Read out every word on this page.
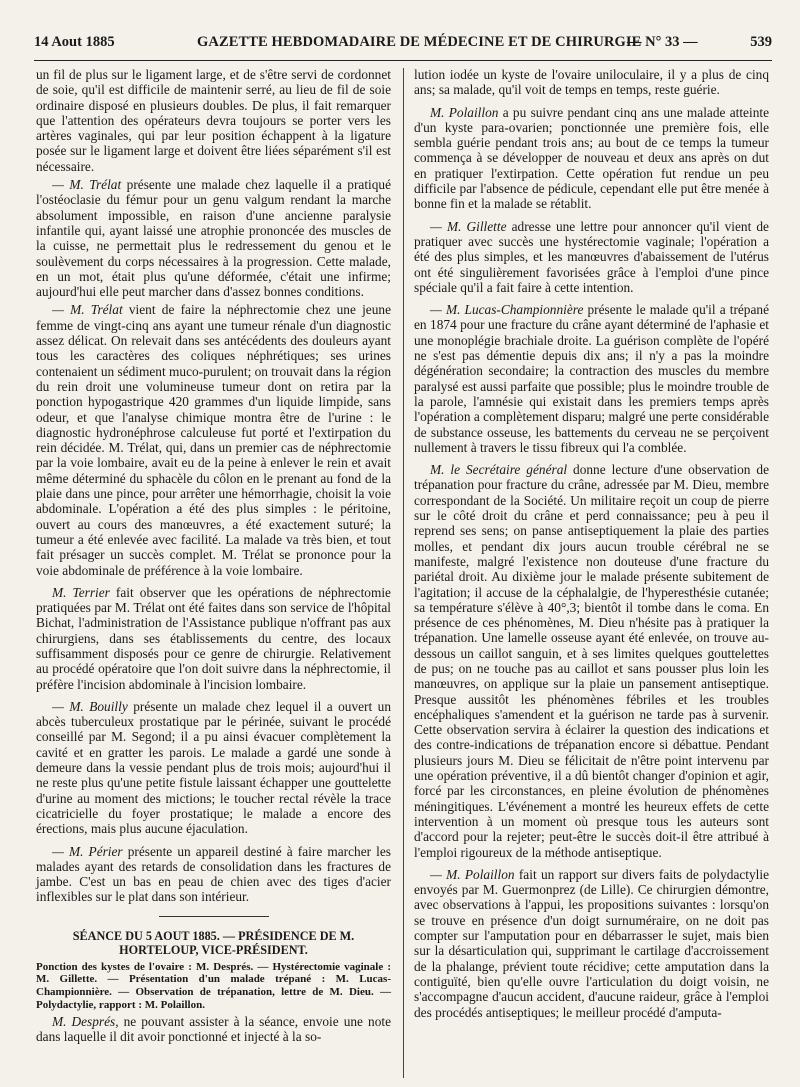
14 Aout 1885	GAZETTE HEBDOMADAIRE DE MÉDECINE ET DE CHIRURGIE
— N° 33 —	539

un fil de plus sur le ligament large, et de s'être servi de cordonnet de soie, qu'il est difficile de maintenir serré, au lieu de fil de soie ordinaire disposé en plusieurs doubles. De plus, il fait remarquer que l'attention des opérateurs devra toujours se porter vers les artères vaginales, qui par leur position échappent à la ligature posée sur le ligament large et doivent être liées séparément s'il est nécessaire.

— M. Trélat présente une malade chez laquelle il a pratiqué l'ostéoclasie du fémur pour un genu valgum rendant la marche absolument impossible, en raison d'une ancienne paralysie infantile qui, ayant laissé une atrophie prononcée des muscles de la cuisse, ne permettait plus le redressement du genou et le soulèvement du corps nécessaires à la progression. Cette malade, en un mot, était plus qu'une déformée, c'était une infirme; aujourd'hui elle peut marcher dans d'assez bonnes conditions.

— M. Trélat vient de faire la néphrectomie chez une jeune femme de vingt-cinq ans ayant une tumeur rénale d'un diagnostic assez délicat. On relevait dans ses antécédents des douleurs ayant tous les caractères des coliques néphrétiques; ses urines contenaient un sédiment muco-purulent; on trouvait dans la région du rein droit une volumineuse tumeur dont on retira par la ponction hypogastrique 420 grammes d'un liquide limpide, sans odeur, et que l'analyse chimique montra être de l'urine : le diagnostic hydronéphrose calculeuse fut porté et l'extirpation du rein décidée. M. Trélat, qui, dans un premier cas de néphrectomie par la voie lombaire, avait eu de la peine à enlever le rein et avait même déterminé du sphacèle du côlon en le prenant au fond de la plaie dans une pince, pour arrêter une hémorrhagie, choisit la voie abdominale. L'opération a été des plus simples : le péritoine, ouvert au cours des manœuvres, a été exactement suturé; la tumeur a été enlevée avec facilité. La malade va très bien, et tout fait présager un succès complet. M. Trélat se prononce pour la voie abdominale de préférence à la voie lombaire.

M. Terrier fait observer que les opérations de néphrectomie pratiquées par M. Trélat ont été faites dans son service de l'hôpital Bichat, l'administration de l'Assistance publique n'offrant pas aux chirurgiens, dans ses établissements du centre, des locaux suffisamment disposés pour ce genre de chirurgie. Relativement au procédé opératoire que l'on doit suivre dans la néphrectomie, il préfère l'incision abdominale à l'incision lombaire.

— M. Bouilly présente un malade chez lequel il a ouvert un abcès tuberculeux prostatique par le périnée, suivant le procédé conseillé par M. Segond; il a pu ainsi évacuer complètement la cavité et en gratter les parois. Le malade a gardé une sonde à demeure dans la vessie pendant plus de trois mois; aujourd'hui il ne reste plus qu'une petite fistule laissant échapper une gouttelette d'urine au moment des mictions; le toucher rectal révèle la trace cicatricielle du foyer prostatique; le malade a encore des érections, mais plus aucune éjaculation.

— M. Périer présente un appareil destiné à faire marcher les malades ayant des retards de consolidation dans les fractures de jambe. C'est un bas en peau de chien avec des tiges d'acier inflexibles sur le plat dans son intérieur.

SÉANCE DU 5 AOUT 1885. — PRÉSIDENCE DE M. HORTELOUP, VICE-PRÉSIDENT.

Ponction des kystes de l'ovaire : M. Després. — Hystérectomie vaginale : M. Gillette. — Présentation d'un malade trépané : M. Lucas-Championnière. — Observation de trépanation, lettre de M. Dieu. — Polydactylie, rapport : M. Polaillon.

M. Després, ne pouvant assister à la séance, envoie une note dans laquelle il dit avoir ponctionné et injecté à la so-

lution iodée un kyste de l'ovaire uniloculaire, il y a plus de cinq ans; sa malade, qu'il voit de temps en temps, reste guérie.

M. Polaillon a pu suivre pendant cinq ans une malade atteinte d'un kyste para-ovarien; ponctionnée une première fois, elle sembla guérie pendant trois ans; au bout de ce temps la tumeur commença à se développer de nouveau et deux ans après on dut en pratiquer l'extirpation. Cette opération fut rendue un peu difficile par l'absence de pédicule, cependant elle put être menée à bonne fin et la malade se rétablit.

— M. Gillette adresse une lettre pour annoncer qu'il vient de pratiquer avec succès une hystérectomie vaginale; l'opération a été des plus simples, et les manœuvres d'abaissement de l'utérus ont été singulièrement favorisées grâce à l'emploi d'une pince spéciale qu'il a fait faire à cette intention.

— M. Lucas-Championnière présente le malade qu'il a trépané en 1874 pour une fracture du crâne ayant déterminé de l'aphasie et une monoplégie brachiale droite. La guérison complète de l'opéré ne s'est pas démentie depuis dix ans; il n'y a pas la moindre dégénération secondaire; la contraction des muscles du membre paralysé est aussi parfaite que possible; plus le moindre trouble de la parole, l'amnésie qui existait dans les premiers temps après l'opération a complètement disparu; malgré une perte considérable de substance osseuse, les battements du cerveau ne se perçoivent nullement à travers le tissu fibreux qui l'a comblée.

M. le Secrétaire général donne lecture d'une observation de trépanation pour fracture du crâne, adressée par M. Dieu, membre correspondant de la Société. Un militaire reçoit un coup de pierre sur le côté droit du crâne et perd connaissance; peu à peu il reprend ses sens; on panse antiseptiquement la plaie des parties molles, et pendant dix jours aucun trouble cérébral ne se manifeste, malgré l'existence non douteuse d'une fracture du pariétal droit. Au dixième jour le malade présente subitement de l'agitation; il accuse de la céphalalgie, de l'hyperesthésie cutanée; sa température s'élève à 40°,3; bientôt il tombe dans le coma. En présence de ces phénomènes, M. Dieu n'hésite pas à pratiquer la trépanation. Une lamelle osseuse ayant été enlevée, on trouve au-dessous un caillot sanguin, et à ses limites quelques gouttelettes de pus; on ne touche pas au caillot et sans pousser plus loin les manœuvres, on applique sur la plaie un pansement antiseptique. Presque aussitôt les phénomènes fébriles et les troubles encéphaliques s'amendent et la guérison ne tarde pas à survenir. Cette observation servira à éclairer la question des indications et des contre-indications de trépanation encore si débattue. Pendant plusieurs jours M. Dieu se félicitait de n'être point intervenu par une opération préventive, il a dû bientôt changer d'opinion et agir, forcé par les circonstances, en pleine évolution de phénomènes méningitiques. L'événement a montré les heureux effets de cette intervention à un moment où presque tous les auteurs sont d'accord pour la rejeter; peut-être le succès doit-il être attribué à l'emploi rigoureux de la méthode antiseptique.

— M. Polaillon fait un rapport sur divers faits de polydactylie envoyés par M. Guermonprez (de Lille). Ce chirurgien démontre, avec observations à l'appui, les propositions suivantes : lorsqu'on se trouve en présence d'un doigt surnuméraire, on ne doit pas compter sur l'amputation pour en débarrasser le sujet, mais bien sur la désarticulation qui, supprimant le cartilage d'accroissement de la phalange, prévient toute récidive; cette amputation dans la contiguïté, bien qu'elle ouvre l'articulation du doigt voisin, ne s'accompagne d'aucun accident, d'aucune raideur, grâce à l'emploi des procédés antiseptiques; le meilleur procédé d'amputa-
